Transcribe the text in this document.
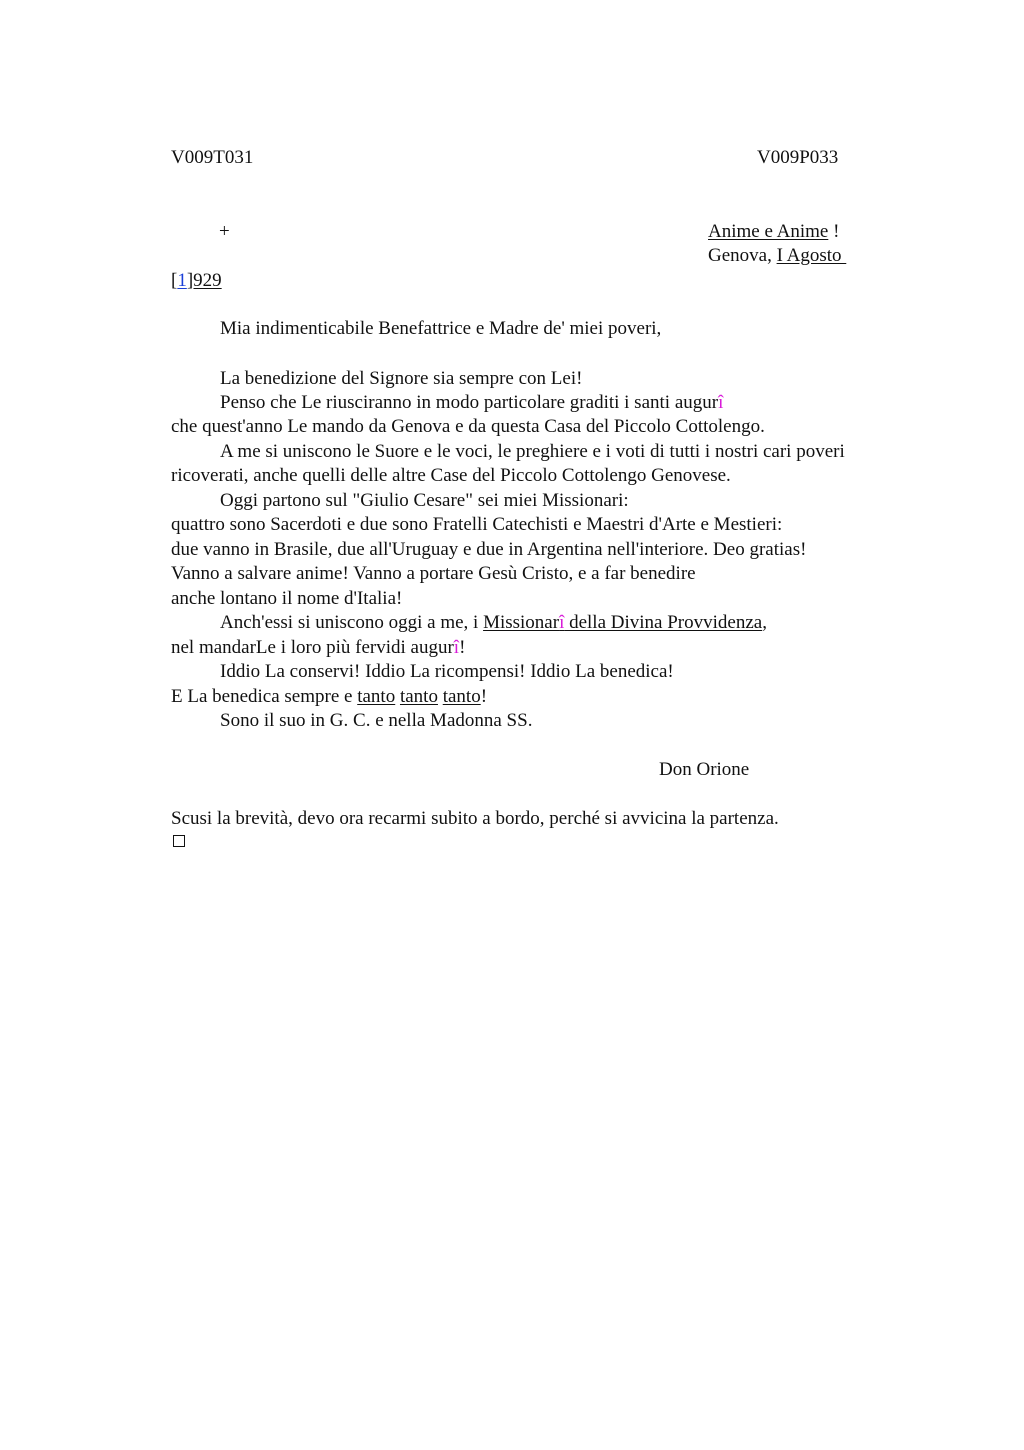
V009T031	V009P033
+	Anime e Anime !
Genova, I Agosto
[1]929
Mia indimenticabile Benefattrice e Madre de' miei poveri,
La benedizione del Signore sia sempre con Lei!
Penso che Le riusciranno in modo particolare graditi i santi augurî
che quest'anno Le mando da Genova e da questa Casa del Piccolo Cottolengo.
A me si uniscono le Suore e le voci, le preghiere e i voti di tutti i nostri cari poveri
ricoverati, anche quelli delle altre Case del Piccolo Cottolengo Genovese.
Oggi partono sul "Giulio Cesare" sei miei Missionari:
quattro sono Sacerdoti e due sono Fratelli Catechisti e Maestri d'Arte e Mestieri:
due vanno in Brasile, due all'Uruguay e due in Argentina nell'interiore. Deo gratias!
Vanno a salvare anime! Vanno a portare Gesù Cristo, e a far benedire
anche lontano il nome d'Italia!
Anch'essi si uniscono oggi a me, i Missionarî della Divina Provvidenza,
nel mandarLe i loro più fervidi augurî!
Iddio La conservi! Iddio La ricompensi! Iddio La benedica!
E La benedica sempre e tanto tanto tanto!
Sono il suo in G. C. e nella Madonna SS.
Don Orione
Scusi la brevità, devo ora recarmi subito a bordo, perché si avvicina la partenza.
